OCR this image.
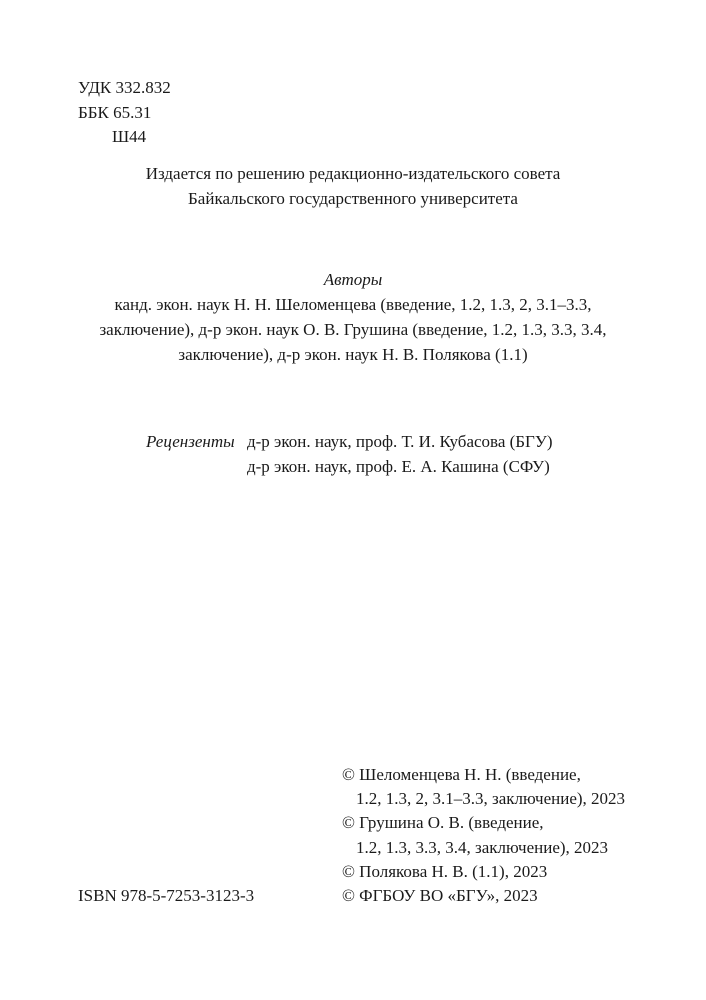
УДК 332.832
ББК 65.31
Ш44
Издается по решению редакционно-издательского совета
Байкальского государственного университета
Авторы
канд. экон. наук Н. Н. Шеломенцева (введение, 1.2, 1.3, 2, 3.1–3.3,
заключение), д-р экон. наук О. В. Грушина (введение, 1.2, 1.3, 3.3, 3.4,
заключение), д-р экон. наук Н. В. Полякова (1.1)
Рецензенты д-р экон. наук, проф. Т. И. Кубасова (БГУ)
д-р экон. наук, проф. Е. А. Кашина (СФУ)
© Шеломенцева Н. Н. (введение,
1.2, 1.3, 2, 3.1–3.3, заключение), 2023
© Грушина О. В. (введение,
1.2, 1.3, 3.3, 3.4, заключение), 2023
© Полякова Н. В. (1.1), 2023
ISBN 978-5-7253-3123-3	© ФГБОУ ВО «БГУ», 2023
